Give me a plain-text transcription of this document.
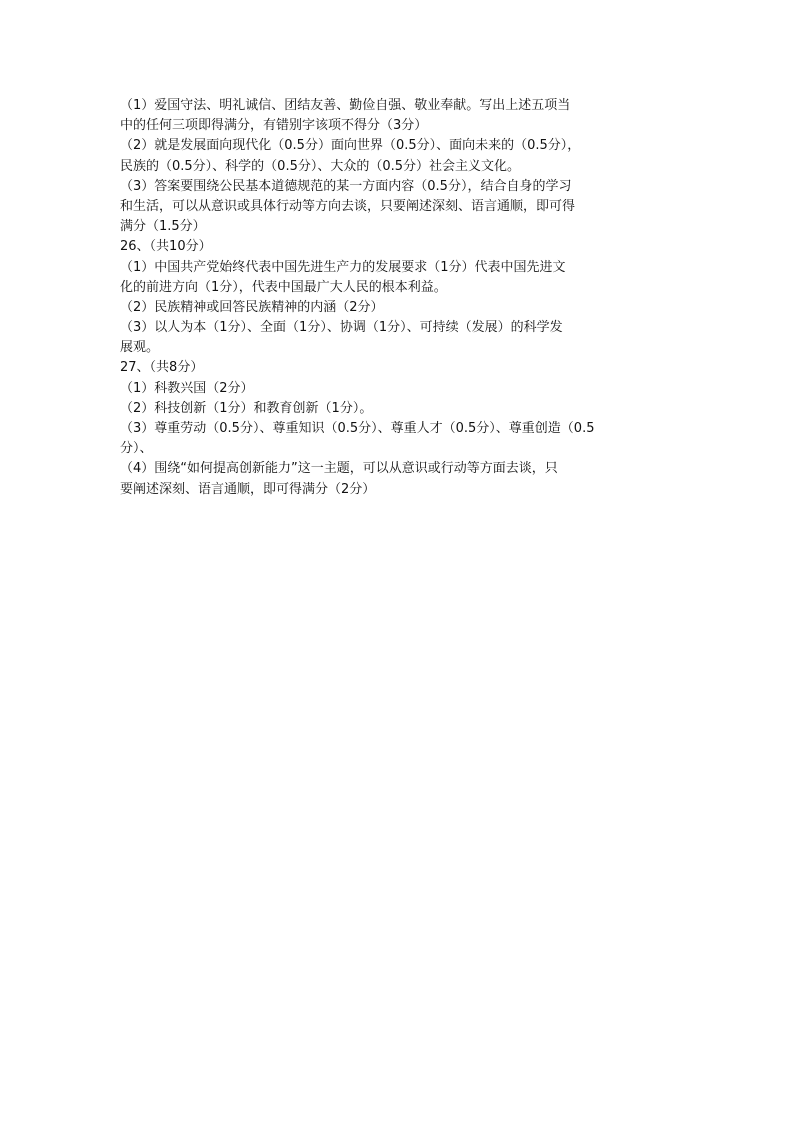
（1）爱国守法、明礼诚信、团结友善、勤俭自强、敬业奉献。写出上述五项当
中的任何三项即得满分，有错别字该项不得分（3分）
（2）就是发展面向现代化（0.5分）面向世界（0.5分）、面向未来的（0.5分），
民族的（0.5分）、科学的（0.5分）、大众的（0.5分）社会主义文化。
（3）答案要围绕公民基本道德规范的某一方面内容（0.5分），结合自身的学习
和生活，可以从意识或具体行动等方向去谈，只要阐述深刻、语言通顺，即可得
满分（1.5分）
26、（共10分）
（1）中国共产党始终代表中国先进生产力的发展要求（1分）代表中国先进文
化的前进方向（1分），代表中国最广大人民的根本利益。
（2）民族精神或回答民族精神的内涵（2分）
（3）以人为本（1分）、全面（1分）、协调（1分）、可持续（发展）的科学发
展观。
27、（共8分）
（1）科教兴国（2分）
（2）科技创新（1分）和教育创新（1分）。
（3）尊重劳动（0.5分）、尊重知识（0.5分）、尊重人才（0.5分）、尊重创造（0.5
分）、
（4）围绕“如何提高创新能力”这一主题，可以从意识或行动等方面去谈，只
要阐述深刻、语言通顺，即可得满分（2分）
